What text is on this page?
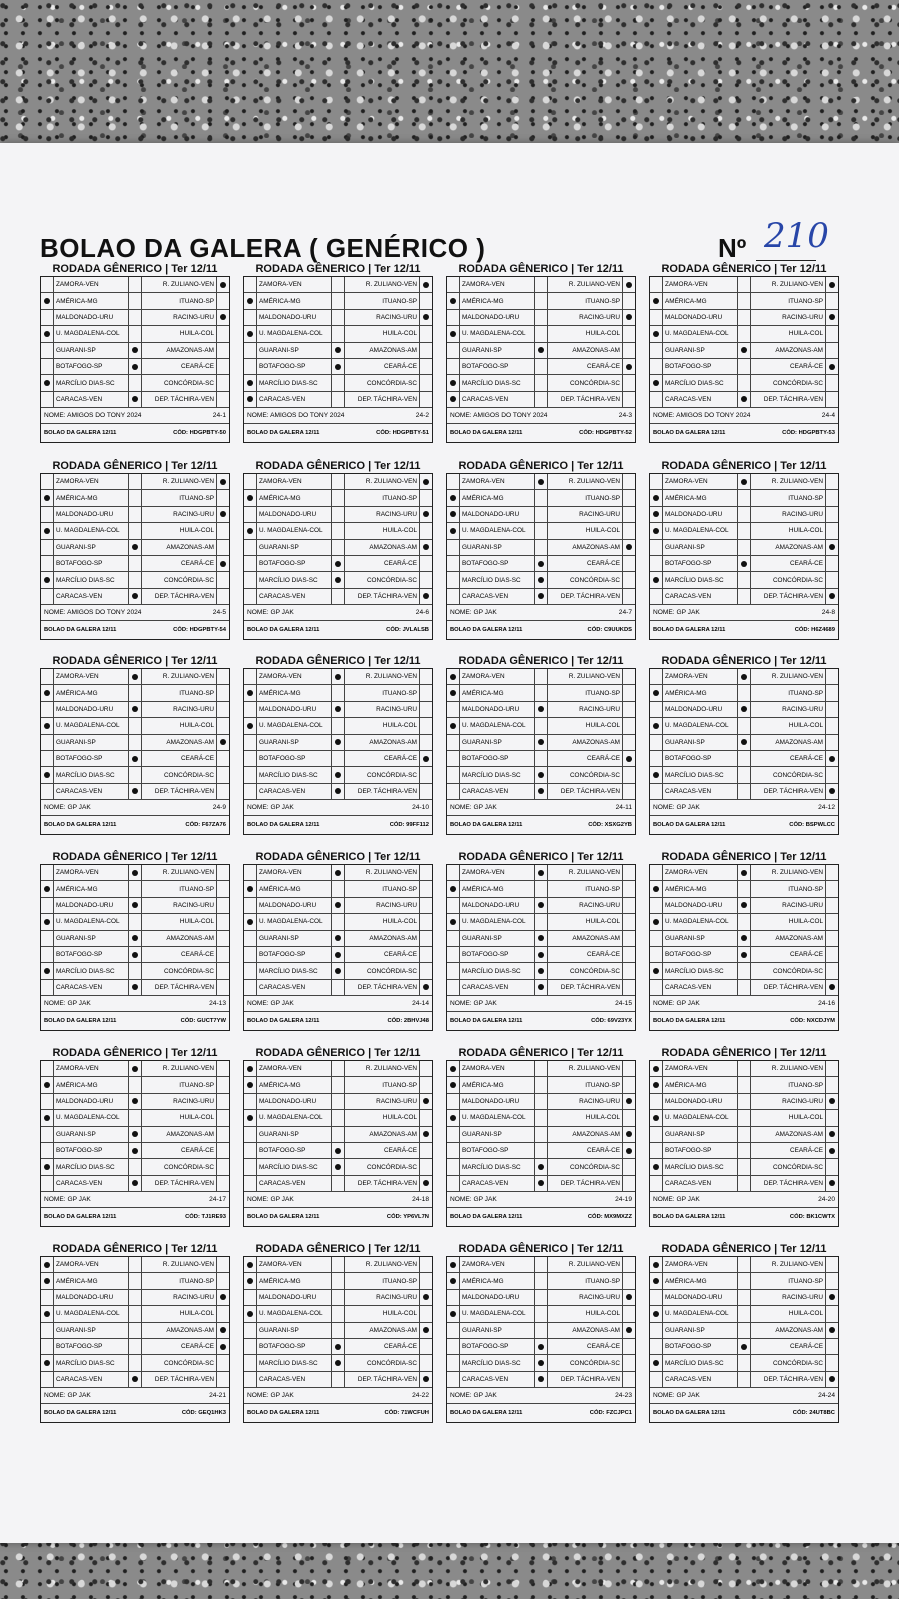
BOLAO DA GALERA ( GENÉRICO )	Nº 210
RODADA GÊNERICO | Ter 12/11
ZAMORA-VEN	R. ZULIANO-VEN
AMÉRICA-MG	ITUANO-SP
MALDONADO-URU	RACING-URU
U. MAGDALENA-COL	HUILA-COL
GUARANI-SP	AMAZONAS-AM
BOTAFOGO-SP	CEARÁ-CE
MARCÍLIO DIAS-SC	CONCÓRDIA-SC
CARACAS-VEN	DEP. TÁCHIRA-VEN
NOME: AMIGOS DO TONY 2024	24-1
BOLAO DA GALERA 12/11	CÓD: HDGPBTY-50
RODADA GÊNERICO | Ter 12/11
ZAMORA-VEN	R. ZULIANO-VEN
AMÉRICA-MG	ITUANO-SP
MALDONADO-URU	RACING-URU
U. MAGDALENA-COL	HUILA-COL
GUARANI-SP	AMAZONAS-AM
BOTAFOGO-SP	CEARÁ-CE
MARCÍLIO DIAS-SC	CONCÓRDIA-SC
CARACAS-VEN	DEP. TÁCHIRA-VEN
NOME: AMIGOS DO TONY 2024	24-2
BOLAO DA GALERA 12/11	CÓD: HDGPBTY-51
RODADA GÊNERICO | Ter 12/11
ZAMORA-VEN	R. ZULIANO-VEN
AMÉRICA-MG	ITUANO-SP
MALDONADO-URU	RACING-URU
U. MAGDALENA-COL	HUILA-COL
GUARANI-SP	AMAZONAS-AM
BOTAFOGO-SP	CEARÁ-CE
MARCÍLIO DIAS-SC	CONCÓRDIA-SC
CARACAS-VEN	DEP. TÁCHIRA-VEN
NOME: AMIGOS DO TONY 2024	24-3
BOLAO DA GALERA 12/11	CÓD: HDGPBTY-52
RODADA GÊNERICO | Ter 12/11
ZAMORA-VEN	R. ZULIANO-VEN
AMÉRICA-MG	ITUANO-SP
MALDONADO-URU	RACING-URU
U. MAGDALENA-COL	HUILA-COL
GUARANI-SP	AMAZONAS-AM
BOTAFOGO-SP	CEARÁ-CE
MARCÍLIO DIAS-SC	CONCÓRDIA-SC
CARACAS-VEN	DEP. TÁCHIRA-VEN
NOME: AMIGOS DO TONY 2024	24-4
BOLAO DA GALERA 12/11	CÓD: HDGPBTY-53
RODADA GÊNERICO | Ter 12/11
ZAMORA-VEN	R. ZULIANO-VEN
AMÉRICA-MG	ITUANO-SP
MALDONADO-URU	RACING-URU
U. MAGDALENA-COL	HUILA-COL
GUARANI-SP	AMAZONAS-AM
BOTAFOGO-SP	CEARÁ-CE
MARCÍLIO DIAS-SC	CONCÓRDIA-SC
CARACAS-VEN	DEP. TÁCHIRA-VEN
NOME: AMIGOS DO TONY 2024	24-5
BOLAO DA GALERA 12/11	CÓD: HDGPBTY-54
RODADA GÊNERICO | Ter 12/11
ZAMORA-VEN	R. ZULIANO-VEN
AMÉRICA-MG	ITUANO-SP
MALDONADO-URU	RACING-URU
U. MAGDALENA-COL	HUILA-COL
GUARANI-SP	AMAZONAS-AM
BOTAFOGO-SP	CEARÁ-CE
MARCÍLIO DIAS-SC	CONCÓRDIA-SC
CARACAS-VEN	DEP. TÁCHIRA-VEN
NOME: GP JAK	24-6
BOLAO DA GALERA 12/11	CÓD: JVLALSB
RODADA GÊNERICO | Ter 12/11
ZAMORA-VEN	R. ZULIANO-VEN
AMÉRICA-MG	ITUANO-SP
MALDONADO-URU	RACING-URU
U. MAGDALENA-COL	HUILA-COL
GUARANI-SP	AMAZONAS-AM
BOTAFOGO-SP	CEARÁ-CE
MARCÍLIO DIAS-SC	CONCÓRDIA-SC
CARACAS-VEN	DEP. TÁCHIRA-VEN
NOME: GP JAK	24-7
BOLAO DA GALERA 12/11	CÓD: C9UUKDS
RODADA GÊNERICO | Ter 12/11
ZAMORA-VEN	R. ZULIANO-VEN
AMÉRICA-MG	ITUANO-SP
MALDONADO-URU	RACING-URU
U. MAGDALENA-COL	HUILA-COL
GUARANI-SP	AMAZONAS-AM
BOTAFOGO-SP	CEARÁ-CE
MARCÍLIO DIAS-SC	CONCÓRDIA-SC
CARACAS-VEN	DEP. TÁCHIRA-VEN
NOME: GP JAK	24-8
BOLAO DA GALERA 12/11	CÓD: H6Z4689
RODADA GÊNERICO | Ter 12/11
ZAMORA-VEN	R. ZULIANO-VEN
AMÉRICA-MG	ITUANO-SP
MALDONADO-URU	RACING-URU
U. MAGDALENA-COL	HUILA-COL
GUARANI-SP	AMAZONAS-AM
BOTAFOGO-SP	CEARÁ-CE
MARCÍLIO DIAS-SC	CONCÓRDIA-SC
CARACAS-VEN	DEP. TÁCHIRA-VEN
NOME: GP JAK	24-9
BOLAO DA GALERA 12/11	CÓD: F67ZA76
RODADA GÊNERICO | Ter 12/11
ZAMORA-VEN	R. ZULIANO-VEN
AMÉRICA-MG	ITUANO-SP
MALDONADO-URU	RACING-URU
U. MAGDALENA-COL	HUILA-COL
GUARANI-SP	AMAZONAS-AM
BOTAFOGO-SP	CEARÁ-CE
MARCÍLIO DIAS-SC	CONCÓRDIA-SC
CARACAS-VEN	DEP. TÁCHIRA-VEN
NOME: GP JAK	24-10
BOLAO DA GALERA 12/11	CÓD: 99FF112
RODADA GÊNERICO | Ter 12/11
ZAMORA-VEN	R. ZULIANO-VEN
AMÉRICA-MG	ITUANO-SP
MALDONADO-URU	RACING-URU
U. MAGDALENA-COL	HUILA-COL
GUARANI-SP	AMAZONAS-AM
BOTAFOGO-SP	CEARÁ-CE
MARCÍLIO DIAS-SC	CONCÓRDIA-SC
CARACAS-VEN	DEP. TÁCHIRA-VEN
NOME: GP JAK	24-11
BOLAO DA GALERA 12/11	CÓD: XSXG2YB
RODADA GÊNERICO | Ter 12/11
ZAMORA-VEN	R. ZULIANO-VEN
AMÉRICA-MG	ITUANO-SP
MALDONADO-URU	RACING-URU
U. MAGDALENA-COL	HUILA-COL
GUARANI-SP	AMAZONAS-AM
BOTAFOGO-SP	CEARÁ-CE
MARCÍLIO DIAS-SC	CONCÓRDIA-SC
CARACAS-VEN	DEP. TÁCHIRA-VEN
NOME: GP JAK	24-12
BOLAO DA GALERA 12/11	CÓD: BSPWLCC
RODADA GÊNERICO | Ter 12/11
ZAMORA-VEN	R. ZULIANO-VEN
AMÉRICA-MG	ITUANO-SP
MALDONADO-URU	RACING-URU
U. MAGDALENA-COL	HUILA-COL
GUARANI-SP	AMAZONAS-AM
BOTAFOGO-SP	CEARÁ-CE
MARCÍLIO DIAS-SC	CONCÓRDIA-SC
CARACAS-VEN	DEP. TÁCHIRA-VEN
NOME: GP JAK	24-13
BOLAO DA GALERA 12/11	CÓD: GUCT7YW
RODADA GÊNERICO | Ter 12/11
ZAMORA-VEN	R. ZULIANO-VEN
AMÉRICA-MG	ITUANO-SP
MALDONADO-URU	RACING-URU
U. MAGDALENA-COL	HUILA-COL
GUARANI-SP	AMAZONAS-AM
BOTAFOGO-SP	CEARÁ-CE
MARCÍLIO DIAS-SC	CONCÓRDIA-SC
CARACAS-VEN	DEP. TÁCHIRA-VEN
NOME: GP JAK	24-14
BOLAO DA GALERA 12/11	CÓD: 2BHVJ48
RODADA GÊNERICO | Ter 12/11
ZAMORA-VEN	R. ZULIANO-VEN
AMÉRICA-MG	ITUANO-SP
MALDONADO-URU	RACING-URU
U. MAGDALENA-COL	HUILA-COL
GUARANI-SP	AMAZONAS-AM
BOTAFOGO-SP	CEARÁ-CE
MARCÍLIO DIAS-SC	CONCÓRDIA-SC
CARACAS-VEN	DEP. TÁCHIRA-VEN
NOME: GP JAK	24-15
BOLAO DA GALERA 12/11	CÓD: 69V23YX
RODADA GÊNERICO | Ter 12/11
ZAMORA-VEN	R. ZULIANO-VEN
AMÉRICA-MG	ITUANO-SP
MALDONADO-URU	RACING-URU
U. MAGDALENA-COL	HUILA-COL
GUARANI-SP	AMAZONAS-AM
BOTAFOGO-SP	CEARÁ-CE
MARCÍLIO DIAS-SC	CONCÓRDIA-SC
CARACAS-VEN	DEP. TÁCHIRA-VEN
NOME: GP JAK	24-16
BOLAO DA GALERA 12/11	CÓD: NXCDJYM
RODADA GÊNERICO | Ter 12/11
ZAMORA-VEN	R. ZULIANO-VEN
AMÉRICA-MG	ITUANO-SP
MALDONADO-URU	RACING-URU
U. MAGDALENA-COL	HUILA-COL
GUARANI-SP	AMAZONAS-AM
BOTAFOGO-SP	CEARÁ-CE
MARCÍLIO DIAS-SC	CONCÓRDIA-SC
CARACAS-VEN	DEP. TÁCHIRA-VEN
NOME: GP JAK	24-17
BOLAO DA GALERA 12/11	CÓD: TJ1RE93
RODADA GÊNERICO | Ter 12/11
ZAMORA-VEN	R. ZULIANO-VEN
AMÉRICA-MG	ITUANO-SP
MALDONADO-URU	RACING-URU
U. MAGDALENA-COL	HUILA-COL
GUARANI-SP	AMAZONAS-AM
BOTAFOGO-SP	CEARÁ-CE
MARCÍLIO DIAS-SC	CONCÓRDIA-SC
CARACAS-VEN	DEP. TÁCHIRA-VEN
NOME: GP JAK	24-18
BOLAO DA GALERA 12/11	CÓD: YP6VL7N
RODADA GÊNERICO | Ter 12/11
ZAMORA-VEN	R. ZULIANO-VEN
AMÉRICA-MG	ITUANO-SP
MALDONADO-URU	RACING-URU
U. MAGDALENA-COL	HUILA-COL
GUARANI-SP	AMAZONAS-AM
BOTAFOGO-SP	CEARÁ-CE
MARCÍLIO DIAS-SC	CONCÓRDIA-SC
CARACAS-VEN	DEP. TÁCHIRA-VEN
NOME: GP JAK	24-19
BOLAO DA GALERA 12/11	CÓD: MX9MXZZ
RODADA GÊNERICO | Ter 12/11
ZAMORA-VEN	R. ZULIANO-VEN
AMÉRICA-MG	ITUANO-SP
MALDONADO-URU	RACING-URU
U. MAGDALENA-COL	HUILA-COL
GUARANI-SP	AMAZONAS-AM
BOTAFOGO-SP	CEARÁ-CE
MARCÍLIO DIAS-SC	CONCÓRDIA-SC
CARACAS-VEN	DEP. TÁCHIRA-VEN
NOME: GP JAK	24-20
BOLAO DA GALERA 12/11	CÓD: BK1CWTX
RODADA GÊNERICO | Ter 12/11
ZAMORA-VEN	R. ZULIANO-VEN
AMÉRICA-MG	ITUANO-SP
MALDONADO-URU	RACING-URU
U. MAGDALENA-COL	HUILA-COL
GUARANI-SP	AMAZONAS-AM
BOTAFOGO-SP	CEARÁ-CE
MARCÍLIO DIAS-SC	CONCÓRDIA-SC
CARACAS-VEN	DEP. TÁCHIRA-VEN
NOME: GP JAK	24-21
BOLAO DA GALERA 12/11	CÓD: GEQ1HK3
RODADA GÊNERICO | Ter 12/11
ZAMORA-VEN	R. ZULIANO-VEN
AMÉRICA-MG	ITUANO-SP
MALDONADO-URU	RACING-URU
U. MAGDALENA-COL	HUILA-COL
GUARANI-SP	AMAZONAS-AM
BOTAFOGO-SP	CEARÁ-CE
MARCÍLIO DIAS-SC	CONCÓRDIA-SC
CARACAS-VEN	DEP. TÁCHIRA-VEN
NOME: GP JAK	24-22
BOLAO DA GALERA 12/11	CÓD: 71WCFUH
RODADA GÊNERICO | Ter 12/11
ZAMORA-VEN	R. ZULIANO-VEN
AMÉRICA-MG	ITUANO-SP
MALDONADO-URU	RACING-URU
U. MAGDALENA-COL	HUILA-COL
GUARANI-SP	AMAZONAS-AM
BOTAFOGO-SP	CEARÁ-CE
MARCÍLIO DIAS-SC	CONCÓRDIA-SC
CARACAS-VEN	DEP. TÁCHIRA-VEN
NOME: GP JAK	24-23
BOLAO DA GALERA 12/11	CÓD: FZCJPC1
RODADA GÊNERICO | Ter 12/11
ZAMORA-VEN	R. ZULIANO-VEN
AMÉRICA-MG	ITUANO-SP
MALDONADO-URU	RACING-URU
U. MAGDALENA-COL	HUILA-COL
GUARANI-SP	AMAZONAS-AM
BOTAFOGO-SP	CEARÁ-CE
MARCÍLIO DIAS-SC	CONCÓRDIA-SC
CARACAS-VEN	DEP. TÁCHIRA-VEN
NOME: GP JAK	24-24
BOLAO DA GALERA 12/11	CÓD: 24UT8BC
